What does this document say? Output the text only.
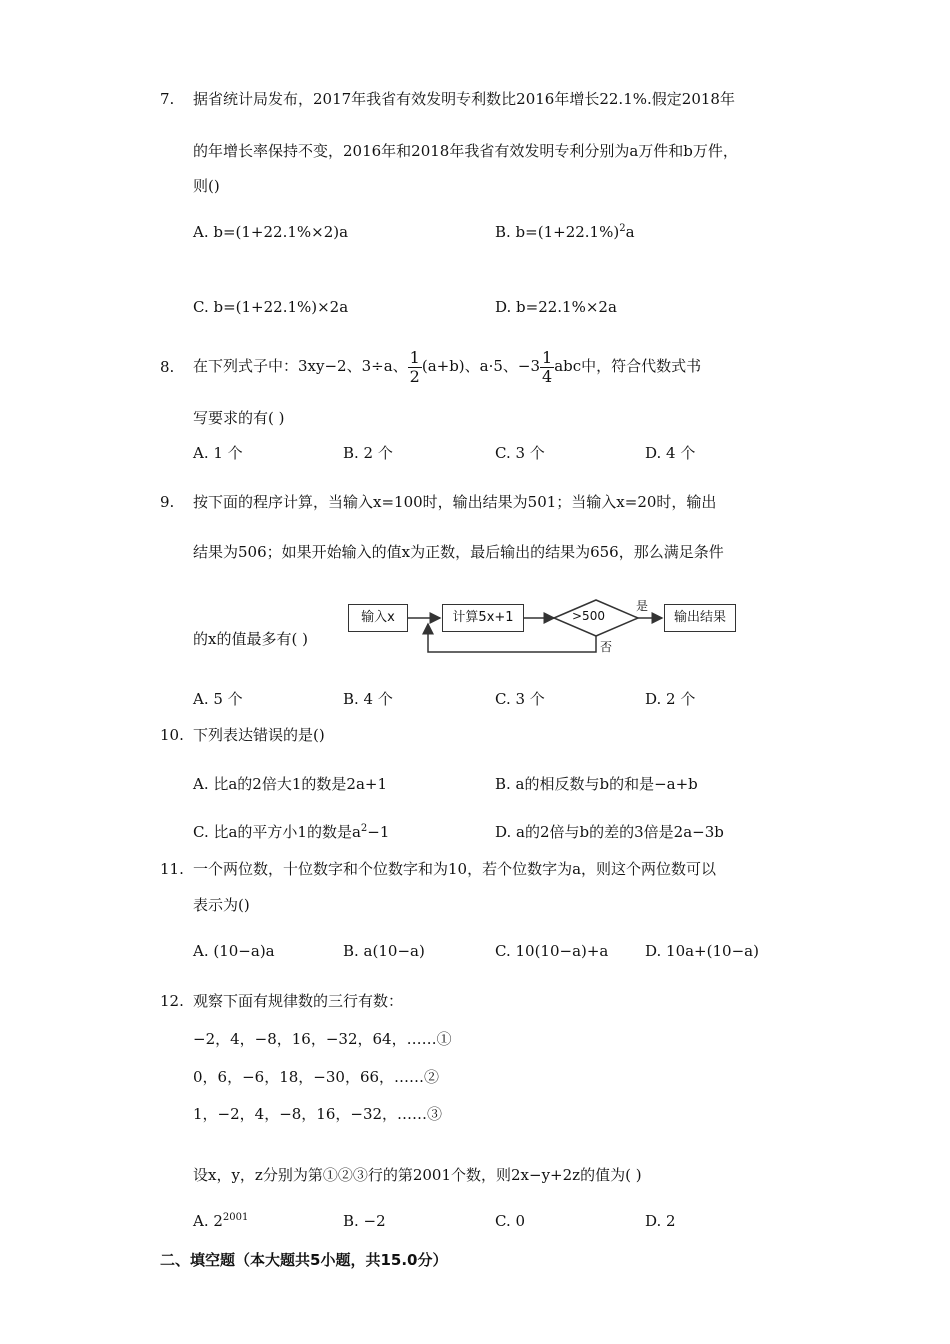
7. 据省统计局发布，2017年我省有效发明专利数比2016年增长22.1%.假定2018年
的年增长率保持不变，2016年和2018年我省有效发明专利分别为a万件和b万件，
则()
A. b=(1+22.1%×2)a	B. $b=(1+22.1\%)^2a$
C. b=(1+22.1%)×2a	D. b=22.1%×2a
8. 在下列式子中：3xy−2、3÷a、 $\frac{1}{2} (a+b)$、a·5、$-3 \frac{1}{4}$ abc中，符合代数式书
写要求的有( )
A. 1 个	B. 2 个	C. 3 个	D. 4 个
9. 按下面的程序计算，当输入x=100时，输出结果为501；当输入x=20时，输出
结果为506；如果开始输入的值x为正数，最后输出的结果为656，那么满足条件
的x的值最多有( )
输入x	计算5x+1	>500
是
否
输出结果
A. 5 个	B. 4 个	C. 3 个	D. 2 个
10. 下列表达错误的是()
A. 比a的2倍大1的数是2a+1	B. a的相反数与b的和是−a+b
C. 比a的平方小1的数是$a^2-1$	D. a的2倍与b的差的3倍是2a−3b
11. 一个两位数，十位数字和个位数字和为10，若个位数字为a，则这个两位数可以
表示为()
A. (10−a)a	B. a(10−a)	C. 10(10−a)+a D. 10a+(10−a)
12. 观察下面有规律数的三行有数：
−2，4，−8，16，−32，64，……①
0，6，−6，18，−30，66，……②
1，−2，4，−8，16，−32，……③
设x，y，z分别为第①②③行的第2001个数，则2x−y+2z的值为( )
A. $2^{2001}$	B. −2	C. 0	D. 2
二、填空题（本大题共5小题，共15.0分）
